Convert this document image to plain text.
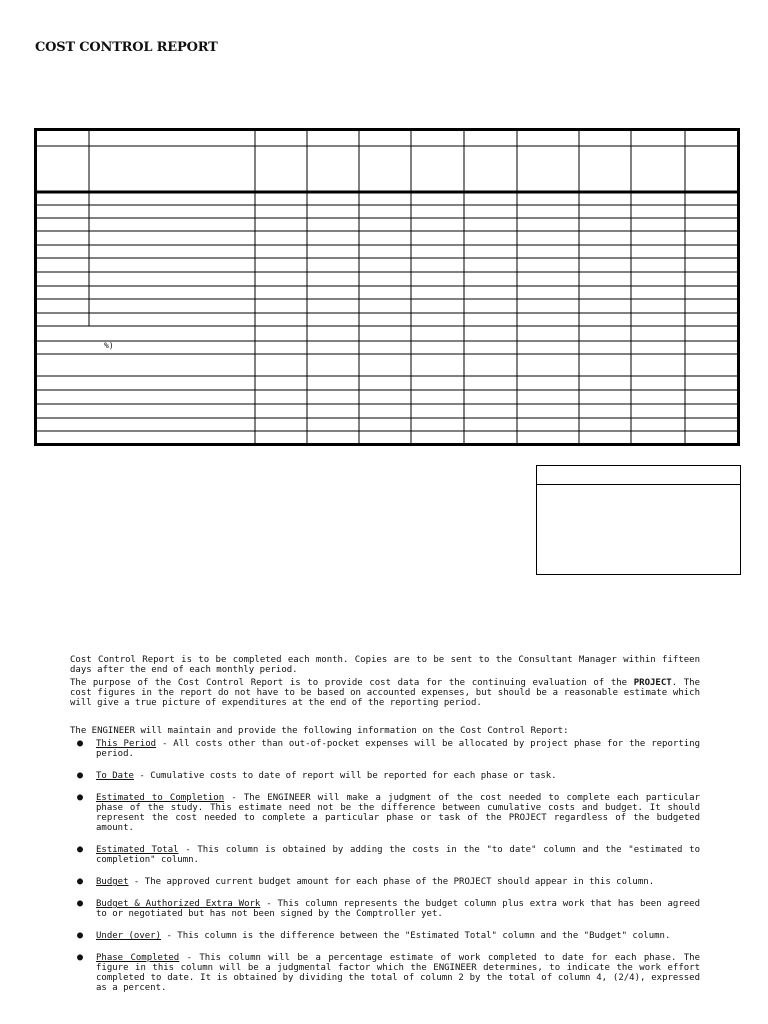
COST CONTROL REPORT
%)

Cost Control Report is to be completed each month. Copies are to be sent to the Consultant Manager within fifteen days after the end of each monthly period.

The purpose of the Cost Control Report is to provide cost data for the continuing evaluation of the PROJECT. The cost figures in the report do not have to be based on accounted expenses, but should be a reasonable estimate which will give a true picture of expenditures at the end of the reporting period.

The ENGINEER will maintain and provide the following information on the Cost Control Report:

● This Period - All costs other than out-of-pocket expenses will be allocated by project phase for the reporting period.
● To Date - Cumulative costs to date of report will be reported for each phase or task.
● Estimated to Completion - The ENGINEER will make a judgment of the cost needed to complete each particular phase of the study. This estimate need not be the difference between cumulative costs and budget. It should represent the cost needed to complete a particular phase or task of the PROJECT regardless of the budgeted amount.
● Estimated Total - This column is obtained by adding the costs in the "to date" column and the "estimated to completion" column.
● Budget - The approved current budget amount for each phase of the PROJECT should appear in this column.
● Budget & Authorized Extra Work - This column represents the budget column plus extra work that has been agreed to or negotiated but has not been signed by the Comptroller yet.
● Under (over) - This column is the difference between the "Estimated Total" column and the "Budget" column.
● Phase Completed - This column will be a percentage estimate of work completed to date for each phase. The figure in this column will be a judgmental factor which the ENGINEER determines, to indicate the work effort completed to date. It is obtained by dividing the total of column 2 by the total of column 4, (2/4), expressed as a percent.
